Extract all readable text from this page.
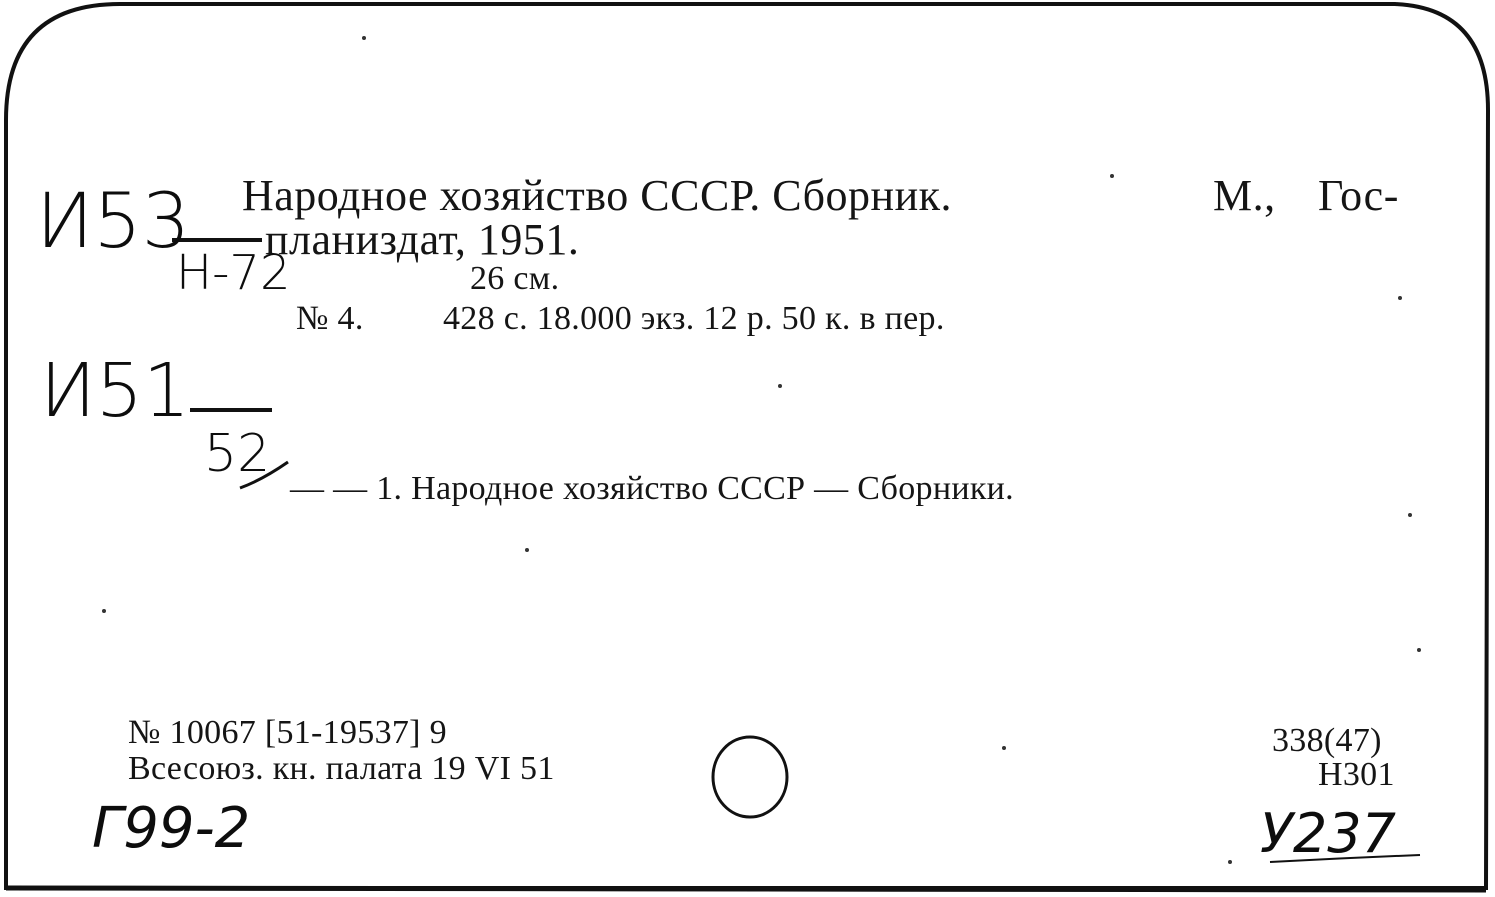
Народное хозяйство СССР. Сборник.	М., Гос-
планиздат, 1951.
26 см.
№ 4. 428 с. 18.000 экз. 12 р. 50 к. в пер.
— — 1. Народное хозяйство СССР — Сборники.
№ 10067 [51-19537] 9
Всесоюз. кн. палата 19 VI 51
338(47)
Н301
И53
Н-72
И51
52
Г99-2	У237
